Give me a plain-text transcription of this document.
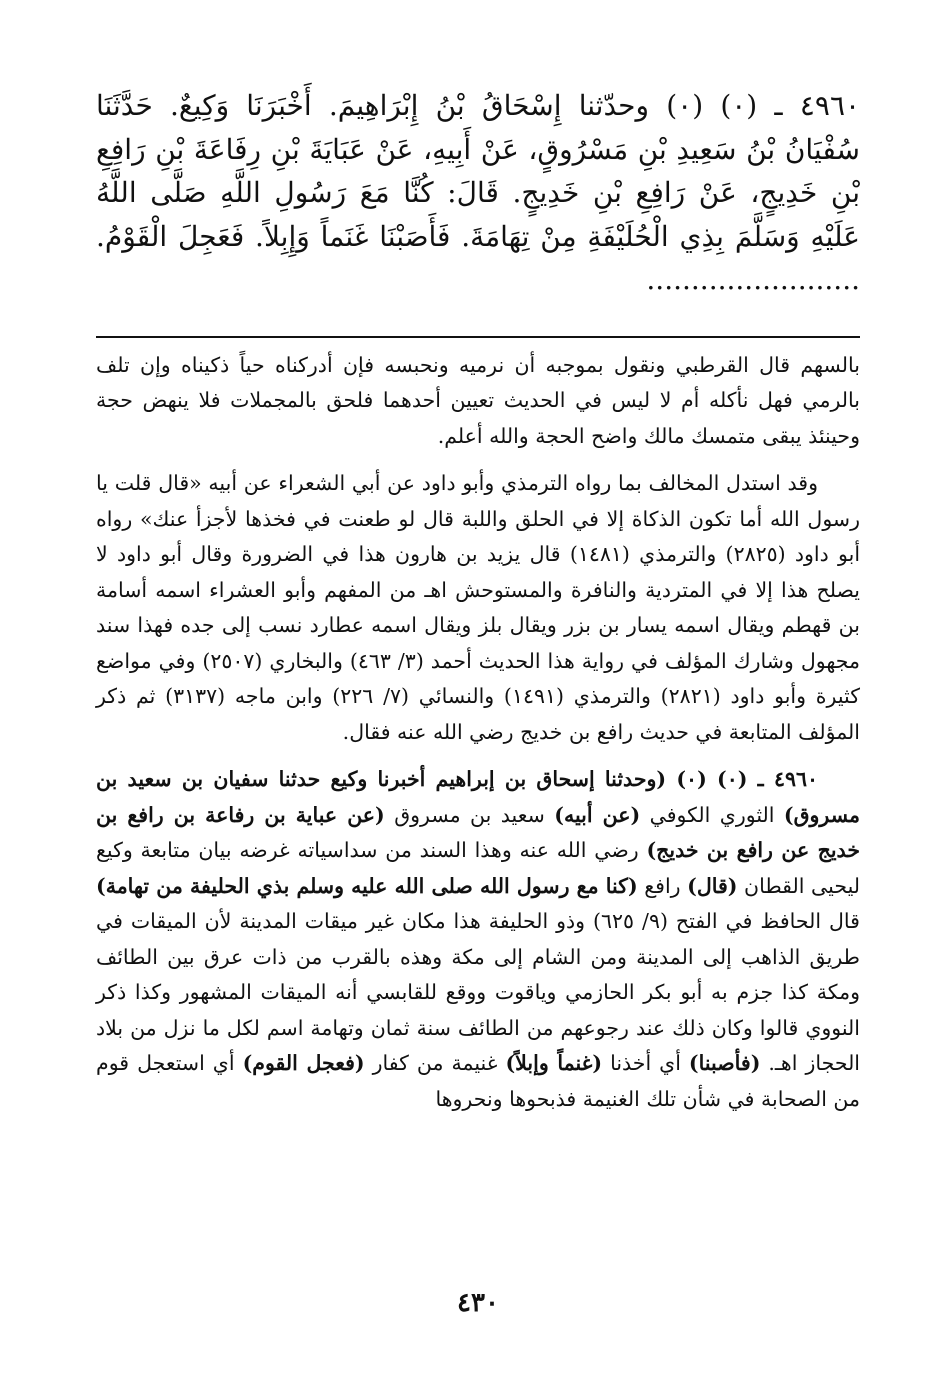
٤٩٦٠ ـ (٠) (٠) وحدّثنا إِسْحَاقُ بْنُ إِبْرَاهِيمَ. أَخْبَرَنَا وَكِيعٌ. حَدَّثَنَا سُفْيَانُ بْنُ سَعِيدِ بْنِ مَسْرُوقٍ، عَنْ أَبِيهِ، عَنْ عَبَايَةَ بْنِ رِفَاعَةَ بْنِ رَافِعِ بْنِ خَدِيجٍ، عَنْ رَافِعِ بْنِ خَدِيجٍ. قَالَ: كُنَّا مَعَ رَسُولِ اللَّهِ صَلَّى اللَّهُ عَلَيْهِ وَسَلَّمَ بِذِي الْحُلَيْفَةِ مِنْ تِهَامَةَ. فَأَصَبْنَا غَنَماً وَإِبِلاً. فَعَجِلَ الْقَوْمُ. ........................

بالسهم قال القرطبي ونقول بموجبه أن نرميه ونحبسه فإن أدركناه حياً ذكيناه وإن تلف بالرمي فهل نأكله أم لا ليس في الحديث تعيين أحدهما فلحق بالمجملات فلا ينهض حجة وحينئذ يبقى متمسك مالك واضح الحجة والله أعلم.

وقد استدل المخالف بما رواه الترمذي وأبو داود عن أبي الشعراء عن أبيه «قال قلت يا رسول الله أما تكون الذكاة إلا في الحلق واللبة قال لو طعنت في فخذها لأجزأ عنك» رواه أبو داود (٢٨٢٥) والترمذي (١٤٨١) قال يزيد بن هارون هذا في الضرورة وقال أبو داود لا يصلح هذا إلا في المتردية والنافرة والمستوحش اهـ من المفهم وأبو العشراء اسمه أسامة بن قهطم ويقال اسمه يسار بن بزر ويقال بلز ويقال اسمه عطارد نسب إلى جده فهذا سند مجهول وشارك المؤلف في رواية هذا الحديث أحمد (٣/ ٤٦٣) والبخاري (٢٥٠٧) وفي مواضع كثيرة وأبو داود (٢٨٢١) والترمذي (١٤٩١) والنسائي (٧/ ٢٢٦) وابن ماجه (٣١٣٧) ثم ذكر المؤلف المتابعة في حديث رافع بن خديج رضي الله عنه فقال.

٤٩٦٠ ـ (٠) (٠) (وحدثنا إسحاق بن إبراهيم أخبرنا وكيع حدثنا سفيان بن سعيد بن مسروق) الثوري الكوفي (عن أبيه) سعيد بن مسروق (عن عباية بن رفاعة بن رافع بن خديج عن رافع بن خديج) رضي الله عنه وهذا السند من سداسياته غرضه بيان متابعة وكيع ليحيى القطان (قال) رافع (كنا مع رسول الله صلى الله عليه وسلم بذي الحليفة من تهامة) قال الحافظ في الفتح (٩/ ٦٢٥) وذو الحليفة هذا مكان غير ميقات المدينة لأن الميقات في طريق الذاهب إلى المدينة ومن الشام إلى مكة وهذه بالقرب من ذات عرق بين الطائف ومكة كذا جزم به أبو بكر الحازمي وياقوت ووقع للقابسي أنه الميقات المشهور وكذا ذكر النووي قالوا وكان ذلك عند رجوعهم من الطائف سنة ثمان وتهامة اسم لكل ما نزل من بلاد الحجاز اهـ. (فأصبنا) أي أخذنا (غنماً وإبلاً) غنيمة من كفار (فعجل القوم) أي استعجل قوم من الصحابة في شأن تلك الغنيمة فذبحوها ونحروها

٤٣٠
